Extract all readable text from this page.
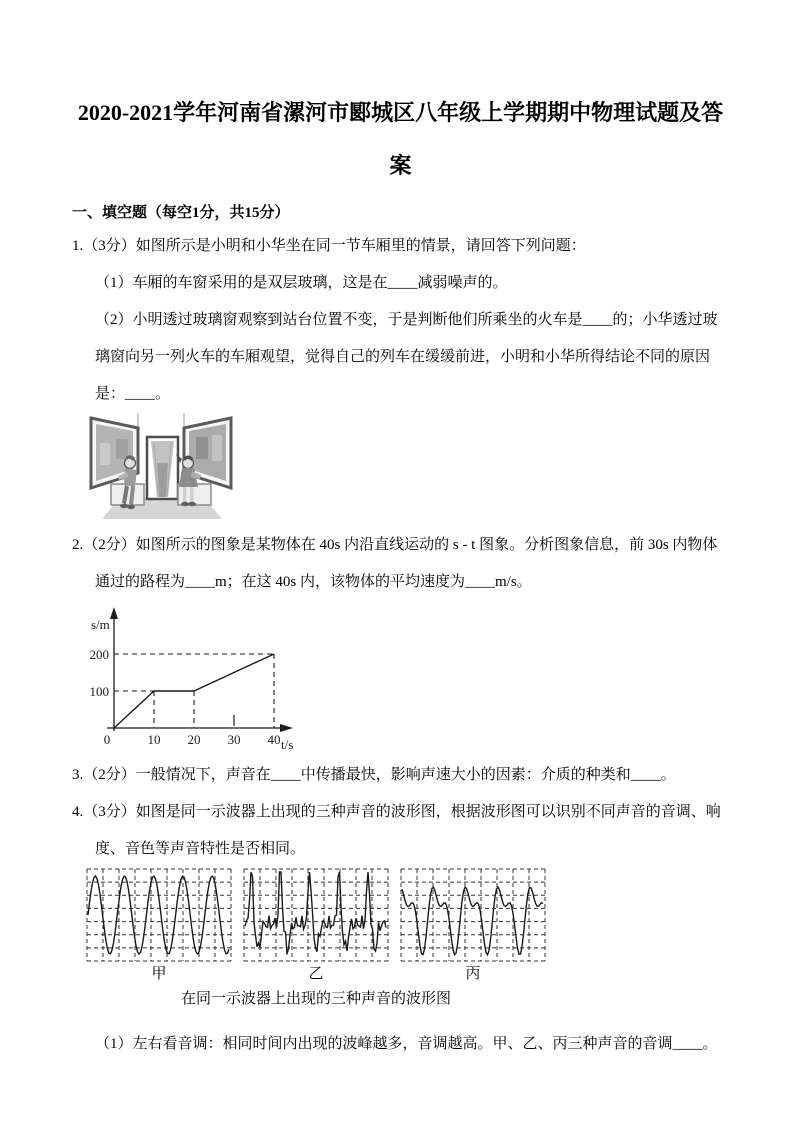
2020-2021学年河南省漯河市郾城区八年级上学期期中物理试题及答
案
一、填空题（每空1分，共15分）

1.（3分）如图所示是小明和小华坐在同一节车厢里的情景，请回答下列问题：

（1）车厢的车窗采用的是双层玻璃，这是在____减弱噪声的。

（2）小明透过玻璃窗观察到站台位置不变，于是判断他们所乘坐的火车是____的；小华透过玻璃窗向另一列火车的车厢观望，觉得自己的列车在缓缓前进，小明和小华所得结论不同的原因是：____。

2.（2分）如图所示的图象是某物体在 40s 内沿直线运动的 s - t 图象。分析图象信息，前 30s 内物体通过的路程为____m；在这 40s 内，该物体的平均速度为____m/s。

s/m
t/s
100
200
0	10 20 30 40

3.（2分）一般情况下，声音在____中传播最快，影响声速大小的因素：介质的种类和____。

4.（3分）如图是同一示波器上出现的三种声音的波形图，根据波形图可以识别不同声音的音调、响度、音色等声音特性是否相同。

甲	乙	丙
在同一示波器上出现的三种声音的波形图

（1）左右看音调：相同时间内出现的波峰越多，音调越高。甲、乙、丙三种声音的音调____。
